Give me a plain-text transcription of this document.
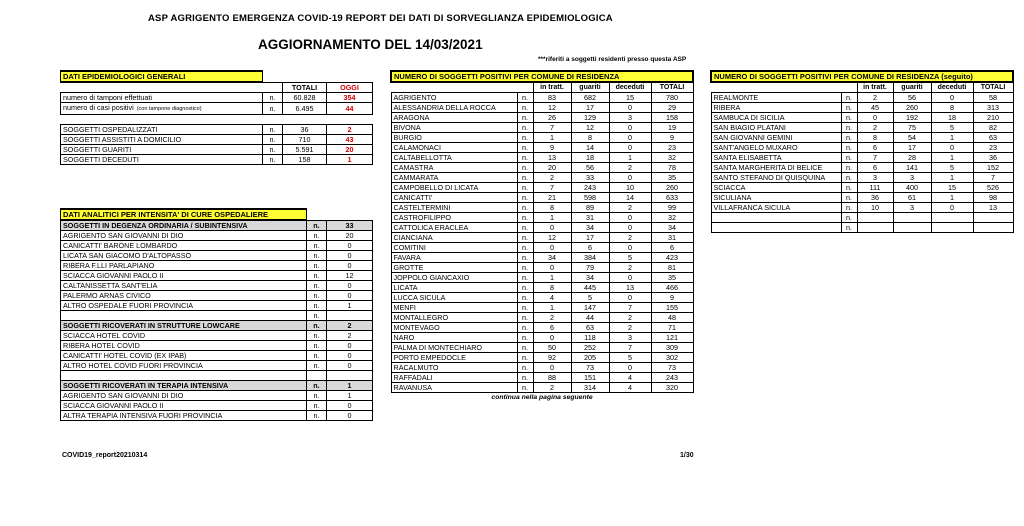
ASP AGRIGENTO EMERGENZA COVID-19 REPORT DEI DATI DI SORVEGLIANZA EPIDEMIOLOGICA
AGGIORNAMENTO DEL 14/03/2021
***riferiti a soggetti residenti presso questa ASP
DATI EPIDEMIOLOGICI GENERALI			
		TOTALI	OGGI
numero di tamponi effettuati	n.	60.828	354
numero di casi positivi (con tampone diagnostico)	n.	6.495	44

SOGGETTI OSPEDALIZZATI	n.	36	2
SOGGETTI ASSISTITI A DOMICILIO	n.	710	43
SOGGETTI GUARITI	n.	5.591	20
SOGGETTI DECEDUTI	n.	158	1
DATI ANALITICI PER INTENSITA' DI CURE OSPEDALIERE		
SOGGETTI IN DEGENZA ORDINARIA / SUBINTENSIVA	n.	33
AGRIGENTO SAN GIOVANNI DI DIO	n.	20
CANICATTI' BARONE LOMBARDO	n.	0
LICATA SAN GIACOMO D'ALTOPASSO	n.	0
RIBERA F.LLI PARLAPIANO	n.	0
SCIACCA GIOVANNI PAOLO II	n.	12
CALTANISSETTA SANT'ELIA	n.	0
PALERMO ARNAS CIVICO	n.	0
ALTRO OSPEDALE FUORI PROVINCIA	n.	1
	n.	
SOGGETTI RICOVERATI IN STRUTTURE LOWCARE	n.	2
SCIACCA HOTEL COVID	n.	2
RIBERA HOTEL COVID	n.	0
CANICATTI' HOTEL COVID (EX IPAB)	n.	0
ALTRO HOTEL COVID FUORI PROVINCIA	n.	0

SOGGETTI RICOVERATI IN TERAPIA INTENSIVA	n.	1
AGRIGENTO SAN GIOVANNI DI DIO	n.	1
SCIACCA GIOVANNI PAOLO II	n.	0
ALTRA TERAPIA INTENSIVA FUORI PROVINCIA	n.	0
NUMERO DI SOGGETTI POSITIVI PER COMUNE DI RESIDENZA					
		in tratt.	guariti	deceduti	TOTALI
AGRIGENTO	n.	83	682	15	780
ALESSANDRIA DELLA ROCCA	n.	12	17	0	29
ARAGONA	n.	26	129	3	158
BIVONA	n.	7	12	0	19
BURGIO	n.	1	8	0	9
CALAMONACI	n.	9	14	0	23
CALTABELLOTTA	n.	13	18	1	32
CAMASTRA	n.	20	56	2	78
CAMMARATA	n.	2	33	0	35
CAMPOBELLO DI LICATA	n.	7	243	10	260
CANICATTI'	n.	21	598	14	633
CASTELTERMINI	n.	8	89	2	99
CASTROFILIPPO	n.	1	31	0	32
CATTOLICA ERACLEA	n.	0	34	0	34
CIANCIANA	n.	12	17	2	31
COMITINI	n.	0	6	0	6
FAVARA	n.	34	384	5	423
GROTTE	n.	0	79	2	81
JOPPOLO GIANCAXIO	n.	1	34	0	35
LICATA	n.	8	445	13	466
LUCCA SICULA	n.	4	5	0	9
MENFI	n.	1	147	7	155
MONTALLEGRO	n.	2	44	2	48
MONTEVAGO	n.	6	63	2	71
NARO	n.	0	118	3	121
PALMA DI MONTECHIARO	n.	50	252	7	309
PORTO EMPEDOCLE	n.	92	205	5	302
RACALMUTO	n.	0	73	0	73
RAFFADALI	n.	88	151	4	243
RAVANUSA	n.	2	314	4	320
continua nella pagina seguente					
NUMERO DI SOGGETTI POSITIVI PER COMUNE DI RESIDENZA (seguito)					
		in tratt.	guariti	deceduti	TOTALI
REALMONTE	n.	2	56	0	58
RIBERA	n.	45	260	8	313
SAMBUCA DI SICILIA	n.	0	192	18	210
SAN BIAGIO PLATANI	n.	2	75	5	82
SAN GIOVANNI GEMINI	n.	8	54	1	63
SANT'ANGELO MUXARO	n.	6	17	0	23
SANTA ELISABETTA	n.	7	28	1	36
SANTA MARGHERITA DI BELICE	n.	6	141	5	152
SANTO STEFANO DI QUISQUINA	n.	3	3	1	7
SCIACCA	n.	111	400	15	526
SICULIANA	n.	36	61	1	98
VILLAFRANCA SICULA	n.	10	3	0	13
	n.				
	n.				
COVID19_report20210314	1/30
